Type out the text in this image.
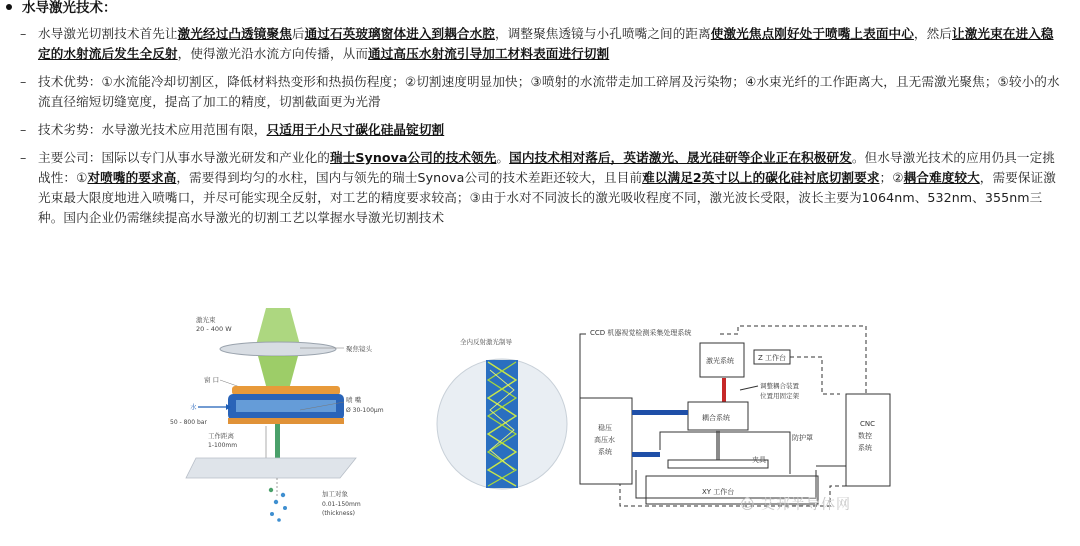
水导激光技术：
– 水导激光切割技术首先让激光经过凸透镜聚焦后通过石英玻璃窗体进入到耦合水腔，调整聚焦透镜与小孔喷嘴之间的距离使激光焦点刚好处于喷嘴上表面中心，然后让激光束在进入稳定的水射流后发生全反射，使得激光沿水流方向传播，从而通过高压水射流引导加工材料表面进行切割
– 技术优势：①水流能冷却切割区，降低材料热变形和热损伤程度；②切割速度明显加快；③喷射的水流带走加工碎屑及污染物；④水束光纤的工作距离大，且无需激光聚焦；⑤较小的水流直径缩短切缝宽度，提高了加工的精度，切割截面更为光滑
– 技术劣势：水导激光技术应用范围有限，只适用于小尺寸碳化硅晶锭切割
– 主要公司：国际以专门从事水导激光研发和产业化的瑞士Synova公司的技术领先。国内技术相对落后，英诺激光、晟光硅研等企业正在积极研发。但水导激光技术的应用仍具一定挑战性：①对喷嘴的要求高，需要得到均匀的水柱，国内与领先的瑞士Synova公司的技术差距还较大，且目前难以满足2英寸以上的碳化硅衬底切割要求；②耦合难度较大，需要保证激光束最大限度地进入喷嘴口，并尽可能实现全反射，对工艺的精度要求较高；③由于水对不同波长的激光吸收程度不同，激光波长受限，波长主要为1064nm、532nm、355nm三种。国内企业仍需继续提高水导激光的切割工艺以掌握水导激光切割技术
激光束
20 - 400 W
聚焦镜头
窗 口
水
50 - 800 bar
喷 嘴
Ø 30-100μm
工作距离
1-100mm
加工对象
0.01-150mm
(thickness)
全内反射激光制导
CCD 机器视觉检测采集处理系统
激光系统	Z 工作台
调整耦合装置
位置用固定架
耦合系统
稳压
高压水
系统
防护罩
夹具
XY 工作台
CNC
数控
系统
☺ 艾邦半导体网
